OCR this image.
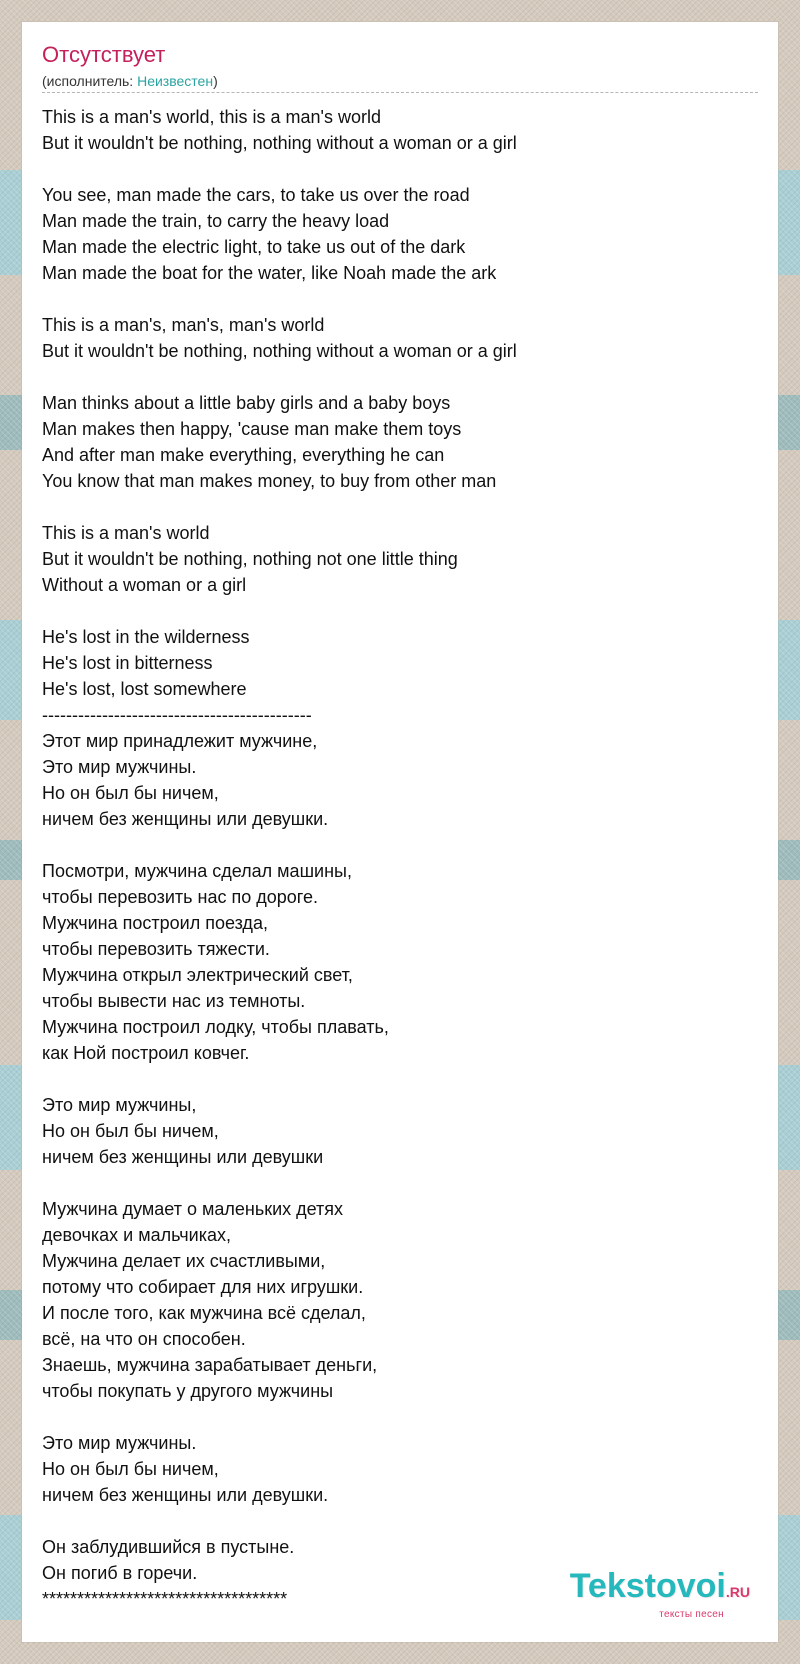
Отсутствует
(исполнитель: Неизвестен)
This is a man's world, this is a man's world
But it wouldn't be nothing, nothing without a woman or a girl

You see, man made the cars, to take us over the road
Man made the train, to carry the heavy load
Man made the electric light, to take us out of the dark
Man made the boat for the water, like Noah made the ark

This is a man's, man's, man's world
But it wouldn't be nothing, nothing without a woman or a girl

Man thinks about a little baby girls and a baby boys
Man makes then happy, 'cause man make them toys
And after man make everything, everything he can
You know that man makes money, to buy from other man

This is a man's world
But it wouldn't be nothing, nothing not one little thing
Without a woman or a girl

He's lost in the wilderness
He's lost in bitterness
He's lost, lost somewhere
---------------------------------------------
Этот мир принадлежит мужчине,
Это мир мужчины.
Но он был бы ничем,
ничем без женщины или девушки.

Посмотри, мужчина сделал машины,
чтобы перевозить нас по дороге.
Мужчина построил поезда,
чтобы перевозить тяжести.
Мужчина открыл электрический свет,
чтобы вывести нас из темноты.
Мужчина построил лодку, чтобы плавать,
как Ной построил ковчег.

Это мир мужчины,
Но он был бы ничем,
ничем без женщины или девушки

Мужчина думает о маленьких детях
девочках и мальчиках,
Мужчина делает их счастливыми,
потому что собирает для них игрушки.
И после того, как мужчина всё сделал,
всё, на что он способен.
Знаешь, мужчина зарабатывает деньги,
чтобы покупать у другого мужчины

Это мир мужчины.
Но он был бы ничем,
ничем без женщины или девушки.

Он заблудившийся в пустыне.
Он погиб в горечи.
***********************************	Tekstovoi.RU
тексты песен
